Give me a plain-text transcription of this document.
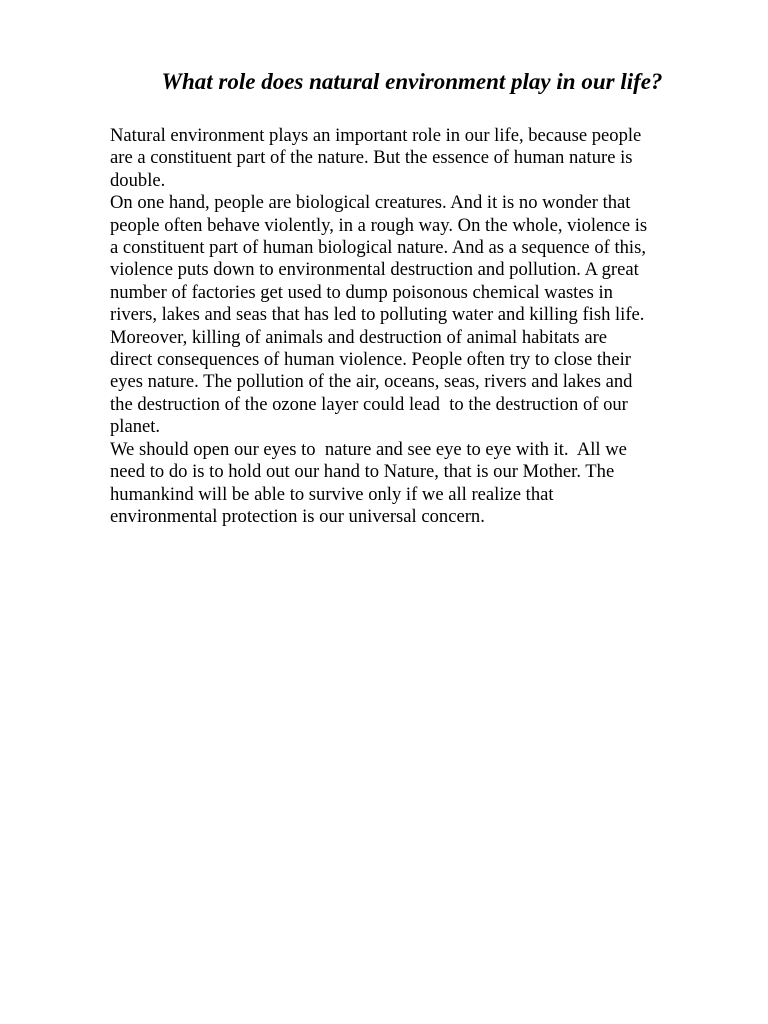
What role does natural environment play in our life?
Natural environment plays an important role in our life, because people
are a constituent part of the nature. But the essence of human nature is
double.
On one hand, people are biological creatures. And it is no wonder that
people often behave violently, in a rough way. On the whole, violence is
a constituent part of human biological nature. And as a sequence of this,
violence puts down to environmental destruction and pollution. A great
number of factories get used to dump poisonous chemical wastes in
rivers, lakes and seas that has led to polluting water and killing fish life.
Moreover, killing of animals and destruction of animal habitats are
direct consequences of human violence. People often try to close their
eyes nature. The pollution of the air, oceans, seas, rivers and lakes and
the destruction of the ozone layer could lead  to the destruction of our
planet.
We should open our eyes to  nature and see eye to eye with it.  All we
need to do is to hold out our hand to Nature, that is our Mother. The
humankind will be able to survive only if we all realize that
environmental protection is our universal concern.
